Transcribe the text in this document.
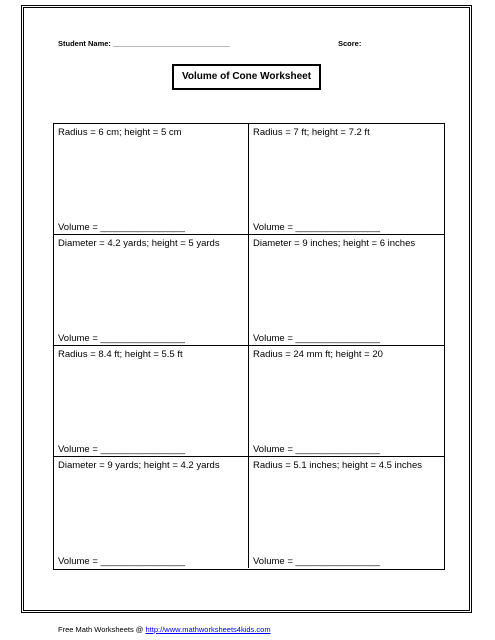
Student Name: ____________________________	Score:
Volume of Cone Worksheet
Radius = 6 cm; height = 5 cm
Volume = ________________
Radius = 7 ft; height = 7.2 ft
Volume = ________________
Diameter = 4.2 yards; height = 5 yards
Volume = ________________
Diameter = 9 inches; height = 6 inches
Volume = ________________
Radius = 8.4 ft; height = 5.5 ft
Volume = ________________
Radius = 24 mm ft; height = 20
Volume = ________________
Diameter = 9 yards; height = 4.2 yards
Volume = ________________
Radius = 5.1 inches; height = 4.5 inches
Volume = ________________
Free Math Worksheets @ http://www.mathworksheets4kids.com
